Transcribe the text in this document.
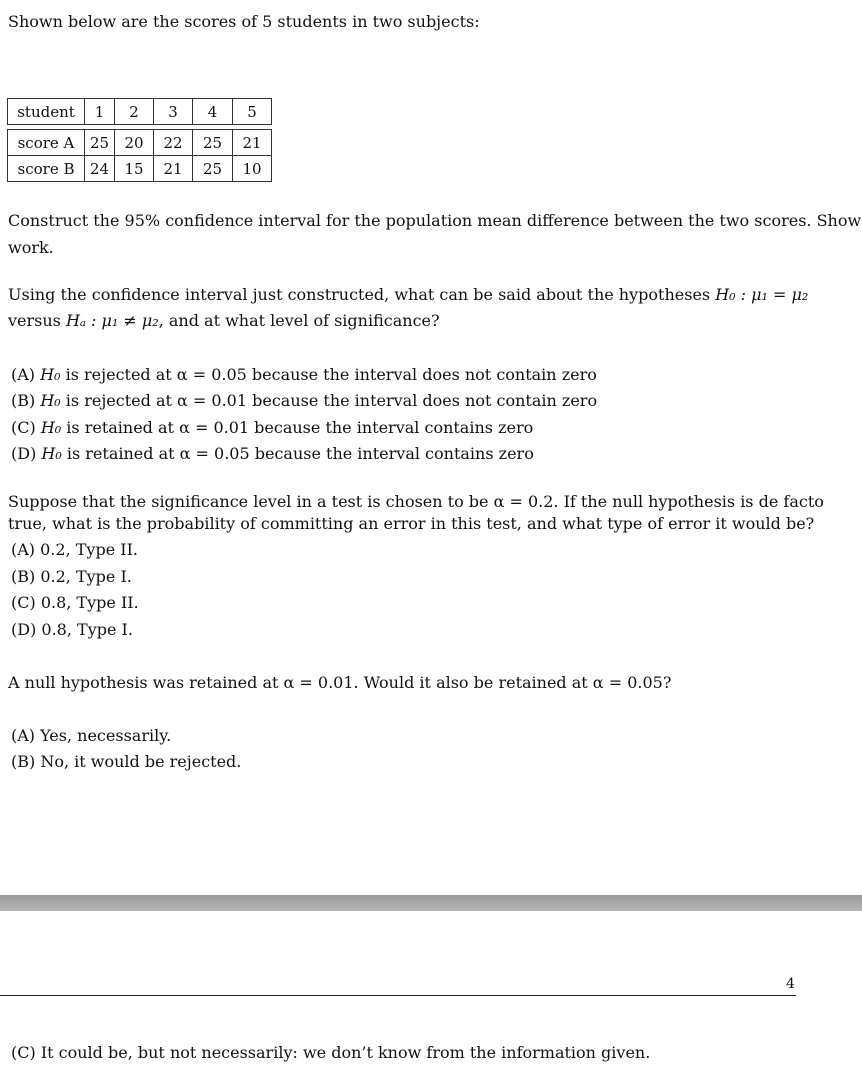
Shown below are the scores of 5 students in two subjects:
student	1	2	3	4	5
score A	25	20	22	25	21
score B	24	15	21	25	10
Construct the 95% confidence interval for the population mean difference between the two scores. Show
work.
Using the confidence interval just constructed, what can be said about the hypotheses H₀ : μ₁ = μ₂
versus Hₐ : μ₁ ≠ μ₂, and at what level of significance?
(A) H₀ is rejected at α = 0.05 because the interval does not contain zero
(B) H₀ is rejected at α = 0.01 because the interval does not contain zero
(C) H₀ is retained at α = 0.01 because the interval contains zero
(D) H₀ is retained at α = 0.05 because the interval contains zero
Suppose that the significance level in a test is chosen to be α = 0.2. If the null hypothesis is de facto
true, what is the probability of committing an error in this test, and what type of error it would be?
(A) 0.2, Type II.
(B) 0.2, Type I.
(C) 0.8, Type II.
(D) 0.8, Type I.
A null hypothesis was retained at α = 0.01. Would it also be retained at α = 0.05?
(A) Yes, necessarily.
(B) No, it would be rejected.
4
(C) It could be, but not necessarily: we don’t know from the information given.
